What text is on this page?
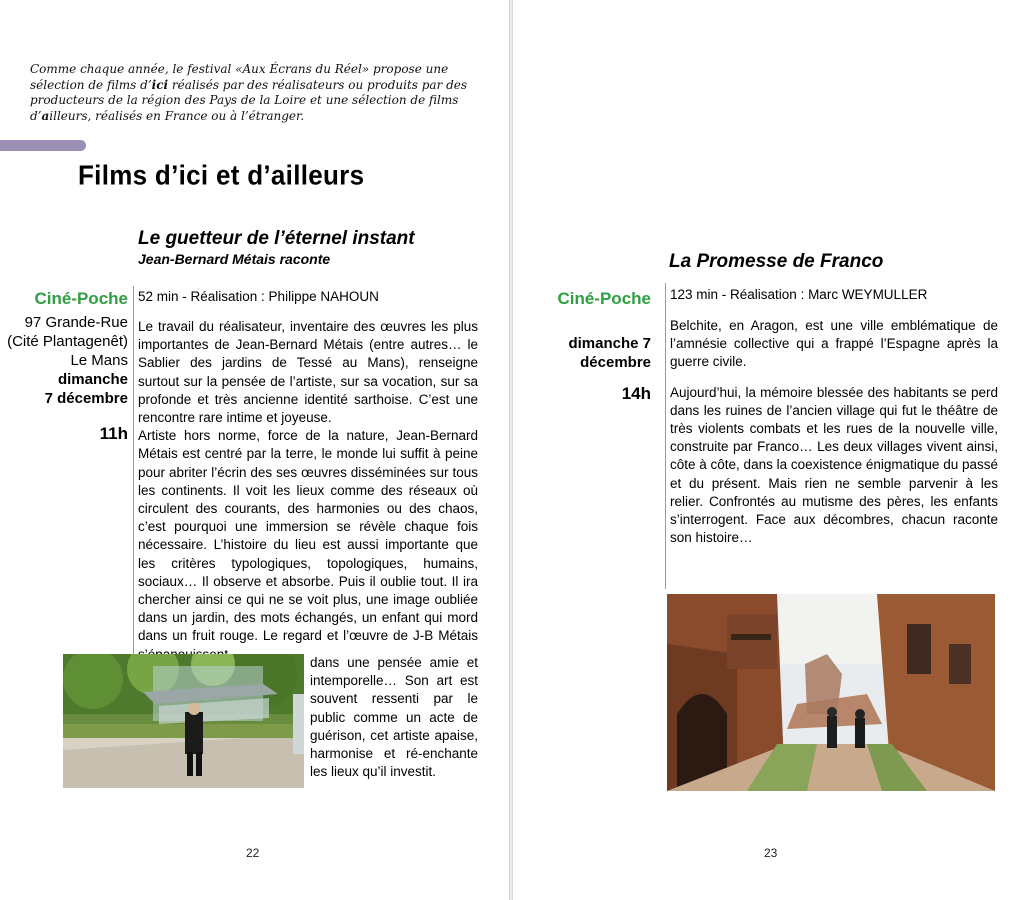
Comme chaque année, le festival «Aux Écrans du Réel» propose une sélection de films d’ici réalisés par des réalisateurs ou produits par des producteurs de la région des Pays de la Loire et une sélection de films d’ailleurs, réalisés en France ou à l’étranger.
Films d’ici et d’ailleurs
Le guetteur de l’éternel instant
Jean-Bernard Métais raconte
Ciné-Poche
97 Grande-Rue
(Cité Plantagenêt)
Le Mans
dimanche
7 décembre
11h
52 min - Réalisation : Philippe NAHOUN

Le travail du réalisateur, inventaire des œuvres les plus importantes de Jean-Bernard Métais (entre autres… le Sablier des jardins de Tessé au Mans), renseigne surtout sur la pensée de l’artiste, sur sa vocation, sur sa profonde et très ancienne identité sarthoise. C’est une rencontre rare intime et joyeuse.

Artiste hors norme, force de la nature, Jean-Bernard Métais est centré par la terre, le monde lui suffit à peine pour abriter l’écrin des ses œuvres disséminées sur tous les continents. Il voit les lieux comme des réseaux où circulent des courants, des harmonies ou des chaos, c’est pourquoi une immersion se révèle chaque fois nécessaire. L’histoire du lieu est aussi importante que les critères typologiques, topologiques, humains, sociaux… Il observe et absorbe. Puis il oublie tout. Il ira chercher ainsi ce qui ne se voit plus, une image oubliée dans un jardin, des mots échangés, un enfant qui mord dans un fruit rouge. Le regard et l’œuvre de J-B Métais

dans une pensée amie et intemporelle… Son art est souvent ressenti par le public comme un acte de guérison, cet artiste apaise, harmonise et ré-enchante les lieux qu’il investit.

22
La Promesse de Franco
Ciné-Poche
dimanche 7
décembre
14h
123 min - Réalisation : Marc WEYMULLER

Belchite, en Aragon, est une ville emblématique de l’amnésie collective qui a frappé l’Espagne après la guerre civile.

Aujourd’hui, la mémoire blessée des habitants se perd dans les ruines de l’ancien village qui fut le théâtre de très violents combats et les rues de la nouvelle ville, construite par Franco… Les deux villages vivent ainsi, côte à côte, dans la coexistence énigmatique du passé et du présent. Mais rien ne semble parvenir à les relier. Confrontés au mutisme des pères, les enfants s’interrogent. Face aux décombres, chacun raconte son histoire…

23
